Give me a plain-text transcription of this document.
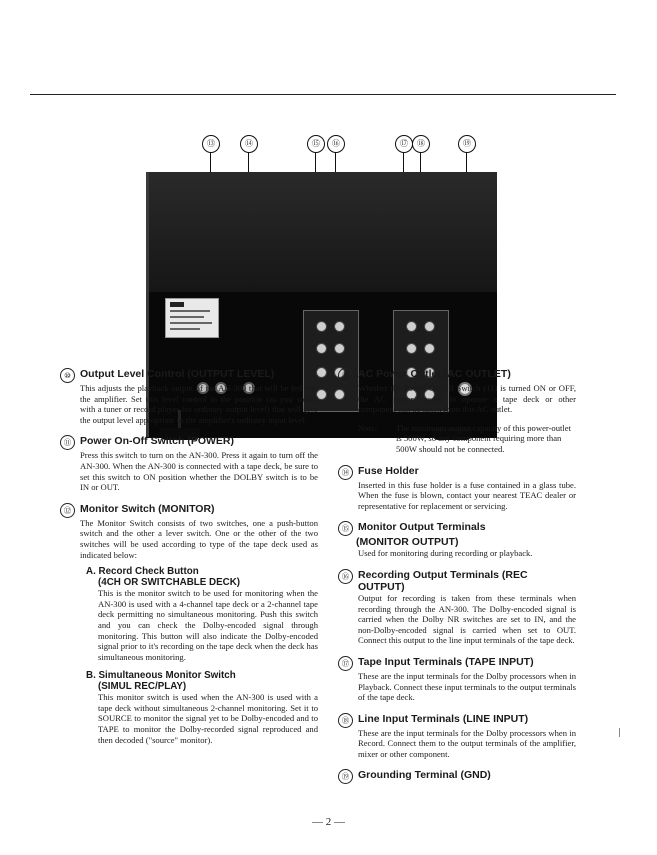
⑬	⑭	⑮	⑯	⑰	⑱	⑲
⑩ Output Level Control (OUTPUT LEVEL)
This adjusts the playback output of the AN-300 that will be fed into the amplifier. Set this level control to the position (as you would with a tuner or record player for ordinary output level) that will give the output level appropriate to the amplifier's ordinary input level.
⑪ Power On-Off Switch (POWER)
Press this switch to turn on the AN-300. Press it again to turn off the AN-300. When the AN-300 is connected with a tape deck, be sure to set this switch to ON position whether the DOLBY switch is to be IN or OUT.
⑫ Monitor Switch (MONITOR)
The Monitor Switch consists of two switches, one a push-button switch and the other a lever switch. One or the other of the two switches will be used according to type of the tape deck used as indicated below:
A. Record Check Button
(4CH OR SWITCHABLE DECK)
This is the monitor switch to be used for monitoring when the AN-300 is used with a 4-channel tape deck or a 2-channel tape deck permitting no simultaneous monitoring. Push this switch and you can check the Dolby-encoded signal through monitoring. This button will also indicate the Dolby-encoded signal prior to it's recording on the tape deck when the deck has simultaneous monitoring.
B. Simultaneous Monitor Switch
(SIMUL REC/PLAY)
This monitor switch is used when the AN-300 is used with a tape deck without simultaneous 2-channel monitoring. Set it to SOURCE to monitor the signal yet to be Dolby-encoded and to TAPE to monitor the Dolby-recorded signal reproduced and then decoded ("source" monitor).
⑬ AC Power Outlet (AC OUTLET)
Whether the Power On-Off Switch (11) is turned ON or OFF, the AC power needed to operate a tape deck or other component can be taken from this AC outlet.
Note:	The maximum output capacity of this power-outlet is 500W, so any component requiring more than 500W should not be connected.
⑭ Fuse Holder
Inserted in this fuse holder is a fuse contained in a glass tube. When the fuse is blown, contact your nearest TEAC dealer or representative for replacement or servicing.
⑮ Monitor Output Terminals
(MONITOR OUTPUT)
Used for monitoring during recording or playback.
⑯ Recording Output Terminals (REC OUTPUT)
Output for recording is taken from these terminals when recording through the AN-300. The Dolby-encoded signal is carried when the Dolby NR switches are set to IN, and the non-Dolby-encoded signal is carried when set to OUT. Connect this output to the line input terminals of the tape deck.
⑰ Tape Input Terminals (TAPE INPUT)
These are the input terminals for the Dolby processors when in Playback. Connect these input terminals to the output terminals of the tape deck.
⑱ Line Input Terminals (LINE INPUT)
These are the input terminals for the Dolby processors when in Record. Connect them to the output terminals of the amplifier, mixer or other component.
⑲ Grounding Terminal (GND)
— 2 —
